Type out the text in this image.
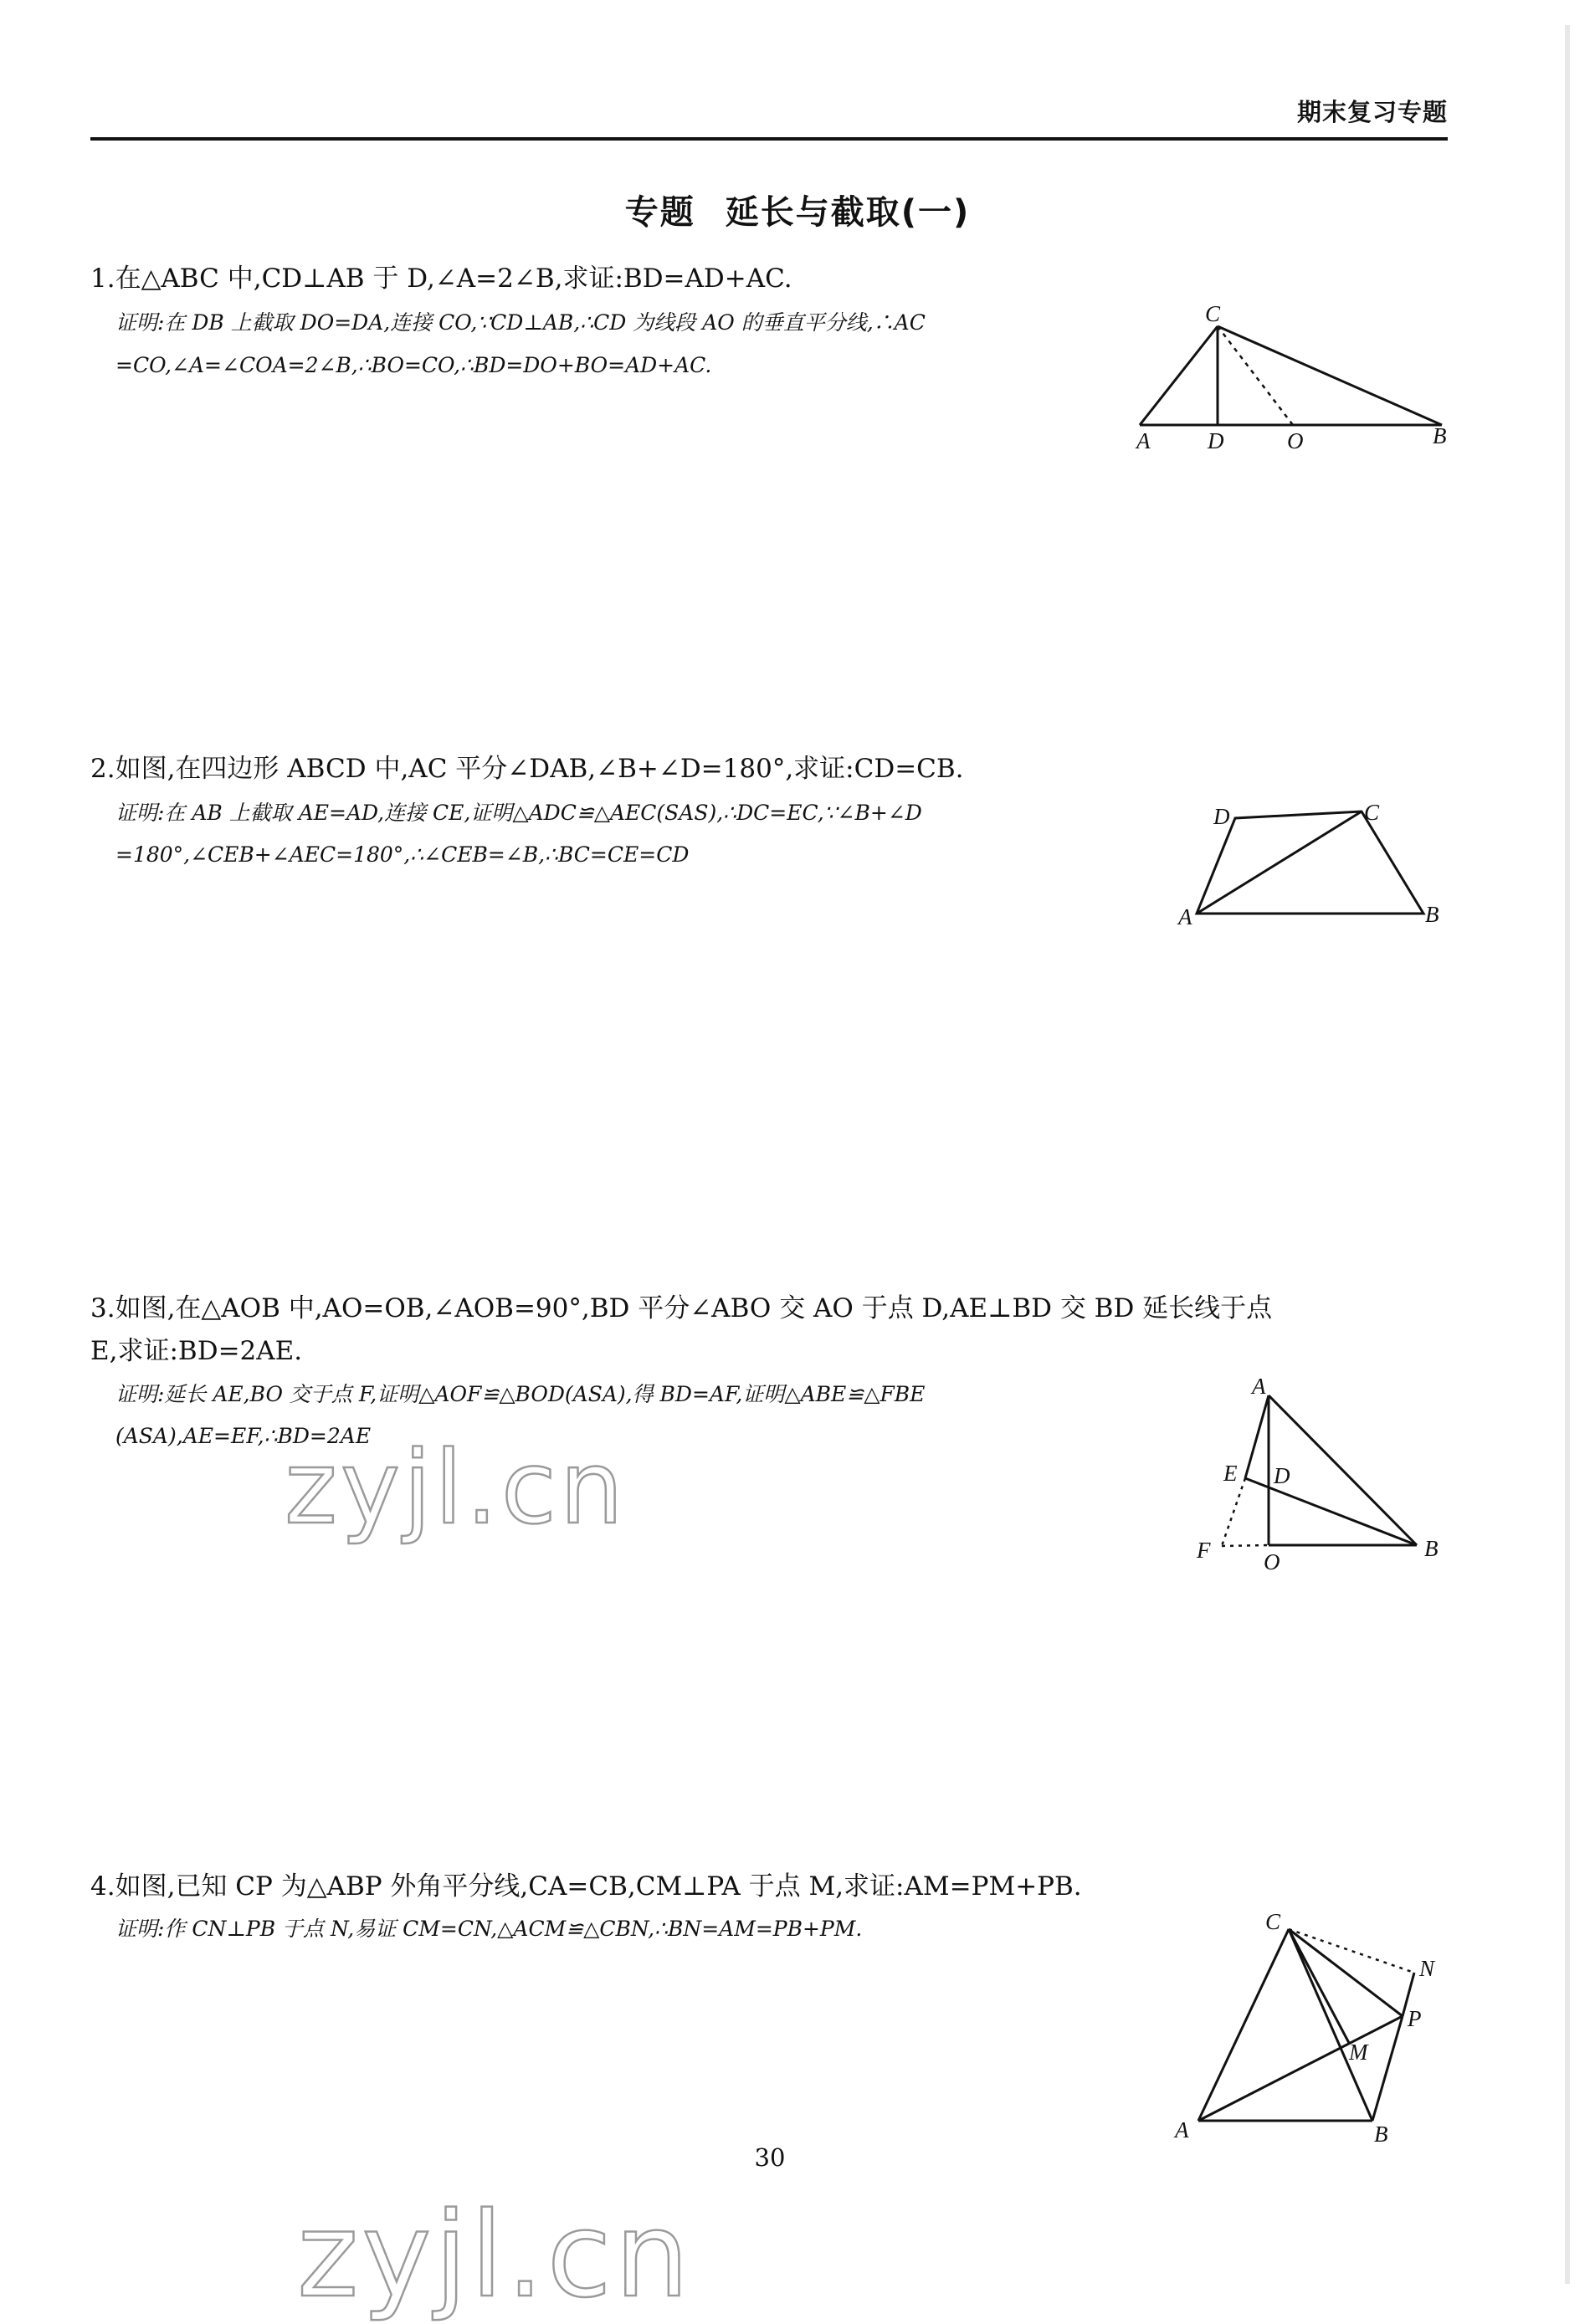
期末复习专题
专题 延长与截取(一)
1.在△ABC 中,CD⊥AB 于 D,∠A=2∠B,求证:BD=AD+AC.
证明:在 DB 上截取 DO=DA,连接 CO,∵CD⊥AB,∴CD 为线段 AO 的垂直平分线,∴AC
=CO,∠A=∠COA=2∠B,∴BO=CO,∴BD=DO+BO=AD+AC.
C
A	D	O	B
2.如图,在四边形 ABCD 中,AC 平分∠DAB,∠B+∠D=180°,求证:CD=CB.
证明:在 AB 上截取 AE=AD,连接 CE,证明△ADC≌△AEC(SAS),∴DC=EC,∵∠B+∠D
=180°,∠CEB+∠AEC=180°,∴∠CEB=∠B,∴BC=CE=CD
D	C
A	B
3.如图,在△AOB 中,AO=OB,∠AOB=90°,BD 平分∠ABO 交 AO 于点 D,AE⊥BD 交 BD 延长线于点
E,求证:BD=2AE.
证明:延长 AE,BO 交于点 F,证明△AOF≌△BOD(ASA),得 BD=AF,证明△ABE≌△FBE
(ASA),AE=EF,∴BD=2AE
A
E D
F O
B
4.如图,已知 CP 为△ABP 外角平分线,CA=CB,CM⊥PA 于点 M,求证:AM=PM+PB.
证明:作 CN⊥PB 于点 N,易证 CM=CN,△ACM≌△CBN,∴BN=AM=PB+PM.	C
N
P
M
A	B
30
zyjl.cn
zyjl.cn
